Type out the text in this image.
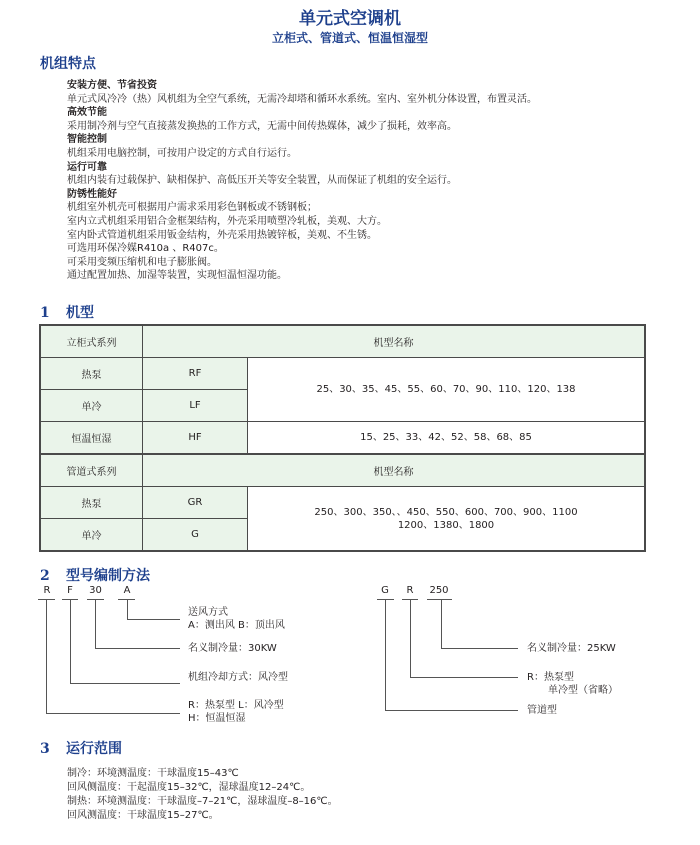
单元式空调机
立柜式、管道式、恒温恒湿型
机组特点
安装方便、节省投资
单元式风冷冷（热）风机组为全空气系统，无需冷却塔和循环水系统。室内、室外机分体设置，布置灵活。
高效节能
采用制冷剂与空气直接蒸发换热的工作方式，无需中间传热媒体，减少了损耗，效率高。
智能控制
机组采用电脑控制，可按用户设定的方式自行运行。
运行可靠
机组内装有过载保护、缺相保护、高低压开关等安全装置，从而保证了机组的安全运行。
防锈性能好
机组室外机壳可根据用户需求采用彩色钢板或不锈钢板；
室内立式机组采用铝合金框架结构，外壳采用喷塑冷轧板，美观、大方。
室内卧式管道机组采用钣金结构，外壳采用热镀锌板，美观、不生锈。
可选用环保冷媒R410a 、R407c。
可采用变频压缩机和电子膨胀阀。
通过配置加热、加湿等装置，实现恒温恒湿功能。
1 机型
立柜式系列	机型名称
热泵	RF
单冷	LF
25、30、35、45、55、60、70、90、110、120、138
恒温恒湿	HF	15、25、33、42、52、58、68、85
管道式系列	机型名称
热泵	GR
单冷	G
250、300、350、、450、550、600、700、900、1100
1200、1380、1800
2 型号编制方法
R	F	30	A
送风方式
A：测出风 B：顶出风
名义制冷量：30KW
机组冷却方式：风冷型
R：热泵型 L：风冷型
H：恒温恒湿
G	R	250
名义制冷量：25KW
R：热泵型
单冷型（省略）
管道型
3 运行范围
制冷：环境测温度：干球温度15–43℃
回风侧温度：干起温度15–32℃，湿球温度12–24℃。
制热：环境测温度：干球温度–7–21℃，湿球温度–8–16℃。
回风测温度：干球温度15–27℃。
